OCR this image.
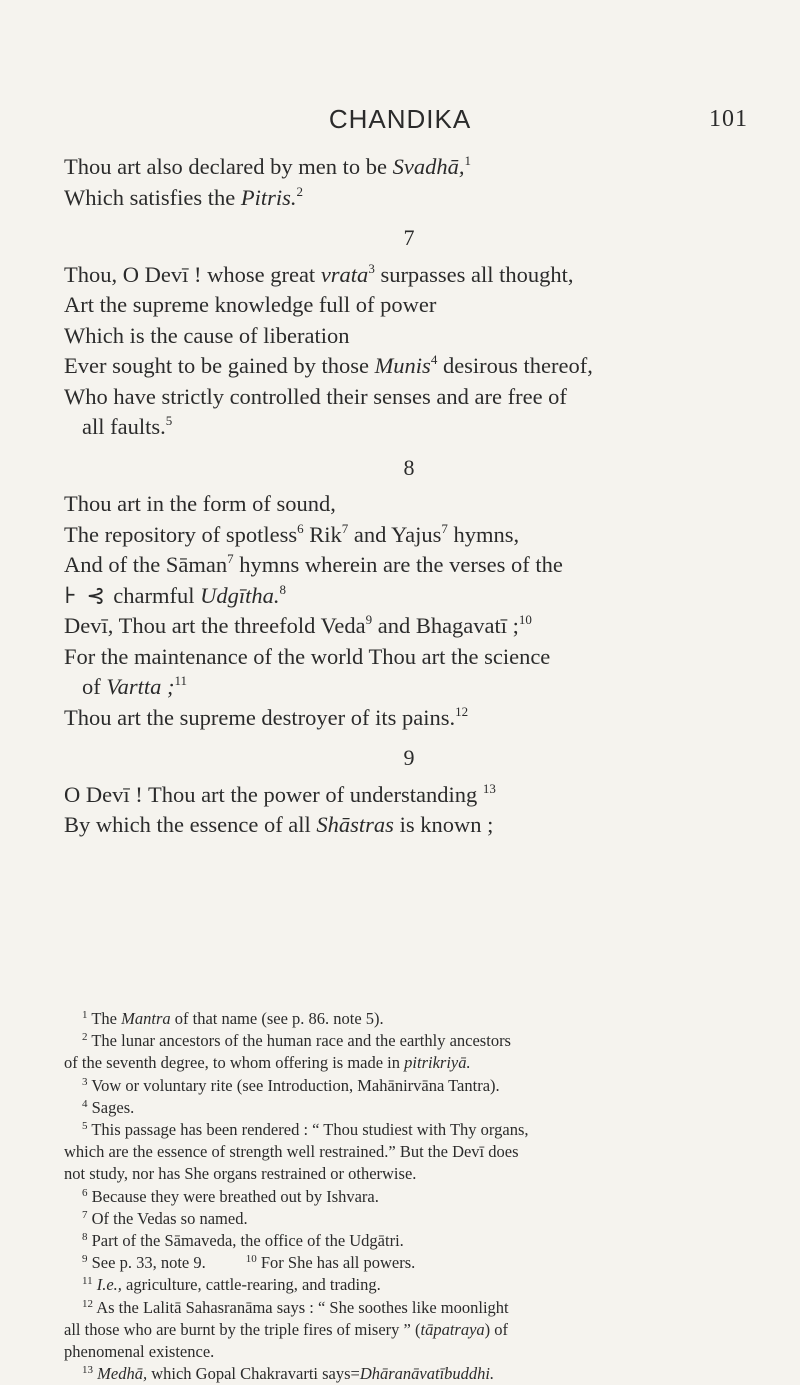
CHANDIKA	101
Thou art also declared by men to be Svadhā,$^1$
Which satisfies the Pitris.$^2$
7
Thou, O Devī ! whose great vrata$^3$ surpasses all thought,
Art the supreme knowledge full of power
Which is the cause of liberation
Ever sought to be gained by those Munis$^4$ desirous thereof,
Who have strictly controlled their senses and are free of
all faults.$^5$
8
Thou art in the form of sound,
The repository of spotless$^6$ Rik$^7$ and Yajus$^7$ hymns,
And of the Sāman$^7$ hymns wherein are the verses of the
⊦ ⊰ charmful Udgītha.$^8$
Devī, Thou art the threefold Veda$^9$ and Bhagavatī ;$^{10}$
For the maintenance of the world Thou art the science
of Vartta ;$^{11}$
Thou art the supreme destroyer of its pains.$^{12}$
9
O Devī ! Thou art the power of understanding $^{13}$
By which the essence of all Shāstras is known ;
$^1$ The Mantra of that name (see p. 86. note 5).
$^2$ The lunar ancestors of the human race and the earthly ancestors
of the seventh degree, to whom offering is made in pitrikriyā.
$^3$ Vow or voluntary rite (see Introduction, Mahānirvāna Tantra).
$^4$ Sages.
$^5$ This passage has been rendered : “ Thou studiest with Thy organs,
which are the essence of strength well restrained.” But the Devī does
not study, nor has She organs restrained or otherwise.
$^6$ Because they were breathed out by Ishvara.
$^7$ Of the Vedas so named.
$^8$ Part of the Sāmaveda, the office of the Udgātri.
$^9$ See p. 33, note 9.	$^{10}$ For She has all powers.
$^{11}$ I.e., agriculture, cattle-rearing, and trading.
$^{12}$ As the Lalitā Sahasranāma says : “ She soothes like moonlight
all those who are burnt by the triple fires of misery ” (tāpatraya) of
phenomenal existence.
$^{13}$ Medhā, which Gopal Chakravarti says=Dhāranāvatībuddhi.
